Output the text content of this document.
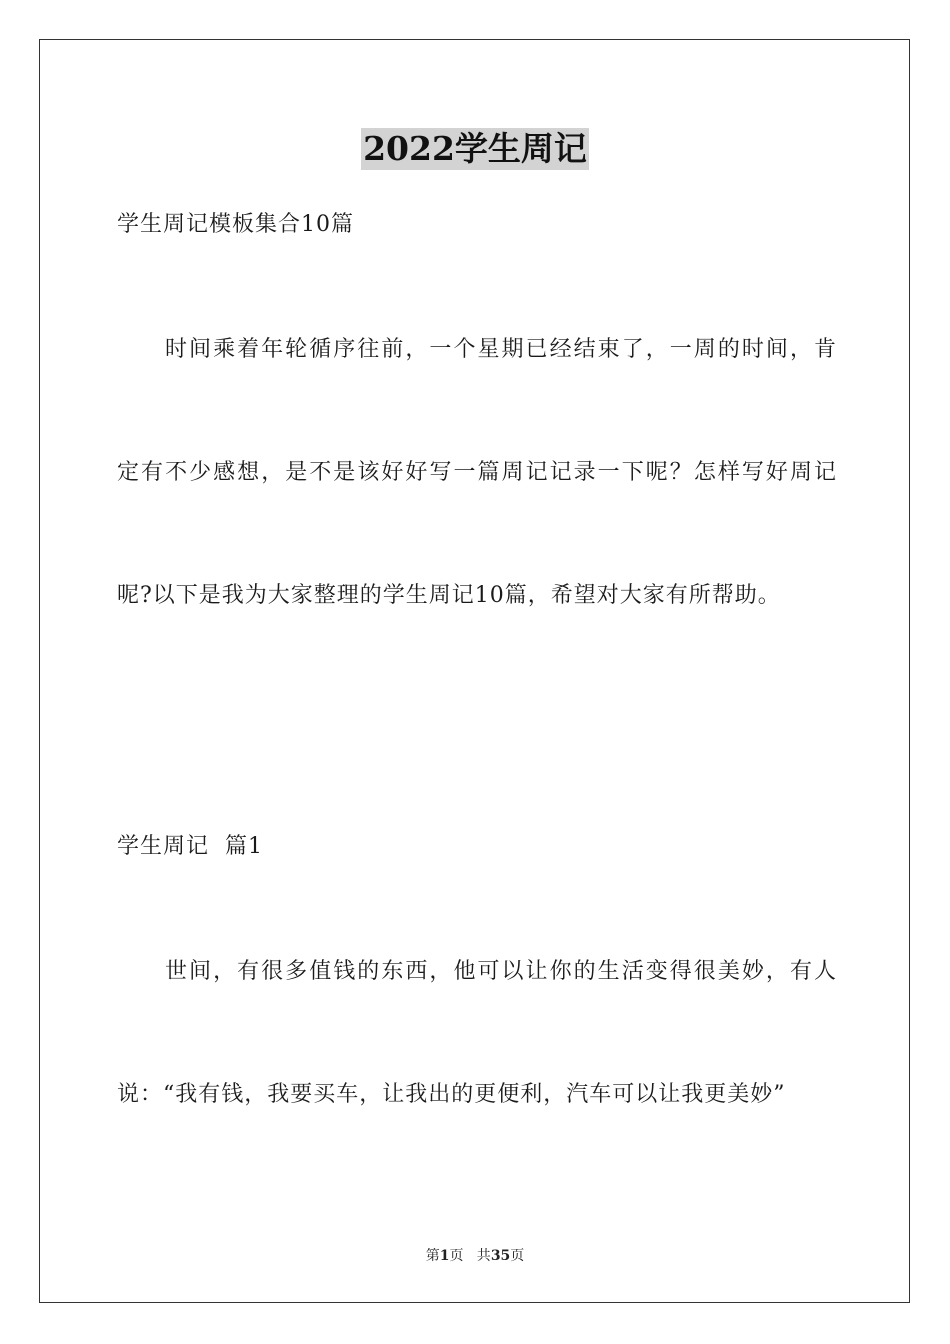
2022学生周记
学生周记模板集合10篇
时间乘着年轮循序往前，一个星期已经结束了，一周的时间，肯
定有不少感想，是不是该好好写一篇周记记录一下呢？怎样写好周记
呢?以下是我为大家整理的学生周记10篇，希望对大家有所帮助。
学生周记  篇1
世间，有很多值钱的东西，他可以让你的生活变得很美妙，有人
说：“我有钱，我要买车，让我出的更便利，汽车可以让我更美妙”
第1页   共35页
